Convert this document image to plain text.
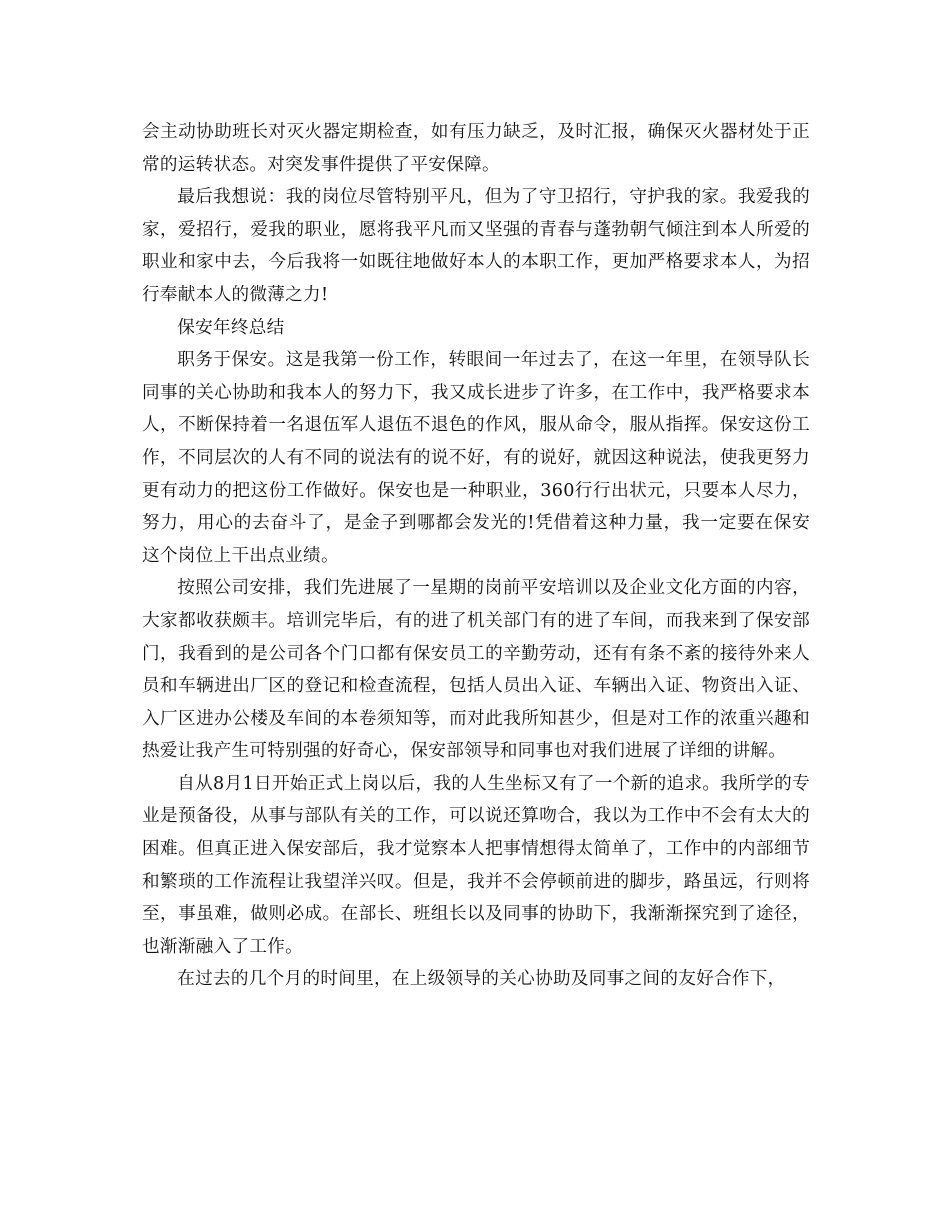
会主动协助班长对灭火器定期检查，如有压力缺乏，及时汇报，确保灭火器材处于正常的运转状态。对突发事件提供了平安保障。

最后我想说：我的岗位尽管特别平凡，但为了守卫招行，守护我的家。我爱我的家，爱招行，爱我的职业，愿将我平凡而又坚强的青春与蓬勃朝气倾注到本人所爱的职业和家中去，今后我将一如既往地做好本人的本职工作，更加严格要求本人，为招行奉献本人的微薄之力!

保安年终总结

职务于保安。这是我第一份工作，转眼间一年过去了，在这一年里，在领导队长同事的关心协助和我本人的努力下，我又成长进步了许多，在工作中，我严格要求本人，不断保持着一名退伍军人退伍不退色的作风，服从命令，服从指挥。保安这份工作，不同层次的人有不同的说法有的说不好，有的说好，就因这种说法，使我更努力更有动力的把这份工作做好。保安也是一种职业，360行行出状元，只要本人尽力，努力，用心的去奋斗了，是金子到哪都会发光的!凭借着这种力量，我一定要在保安这个岗位上干出点业绩。

按照公司安排，我们先进展了一星期的岗前平安培训以及企业文化方面的内容，大家都收获颇丰。培训完毕后，有的进了机关部门有的进了车间，而我来到了保安部门，我看到的是公司各个门口都有保安员工的辛勤劳动，还有有条不紊的接待外来人员和车辆进出厂区的登记和检查流程，包括人员出入证、车辆出入证、物资出入证、入厂区进办公楼及车间的本卷须知等，而对此我所知甚少，但是对工作的浓重兴趣和热爱让我产生可特别强的好奇心，保安部领导和同事也对我们进展了详细的讲解。

自从8月1日开始正式上岗以后，我的人生坐标又有了一个新的追求。我所学的专业是预备役，从事与部队有关的工作，可以说还算吻合，我以为工作中不会有太大的困难。但真正进入保安部后，我才觉察本人把事情想得太简单了，工作中的内部细节和繁琐的工作流程让我望洋兴叹。但是，我并不会停顿前进的脚步，路虽远，行则将至，事虽难，做则必成。在部长、班组长以及同事的协助下，我渐渐探究到了途径，也渐渐融入了工作。

在过去的几个月的时间里，在上级领导的关心协助及同事之间的友好合作下，
